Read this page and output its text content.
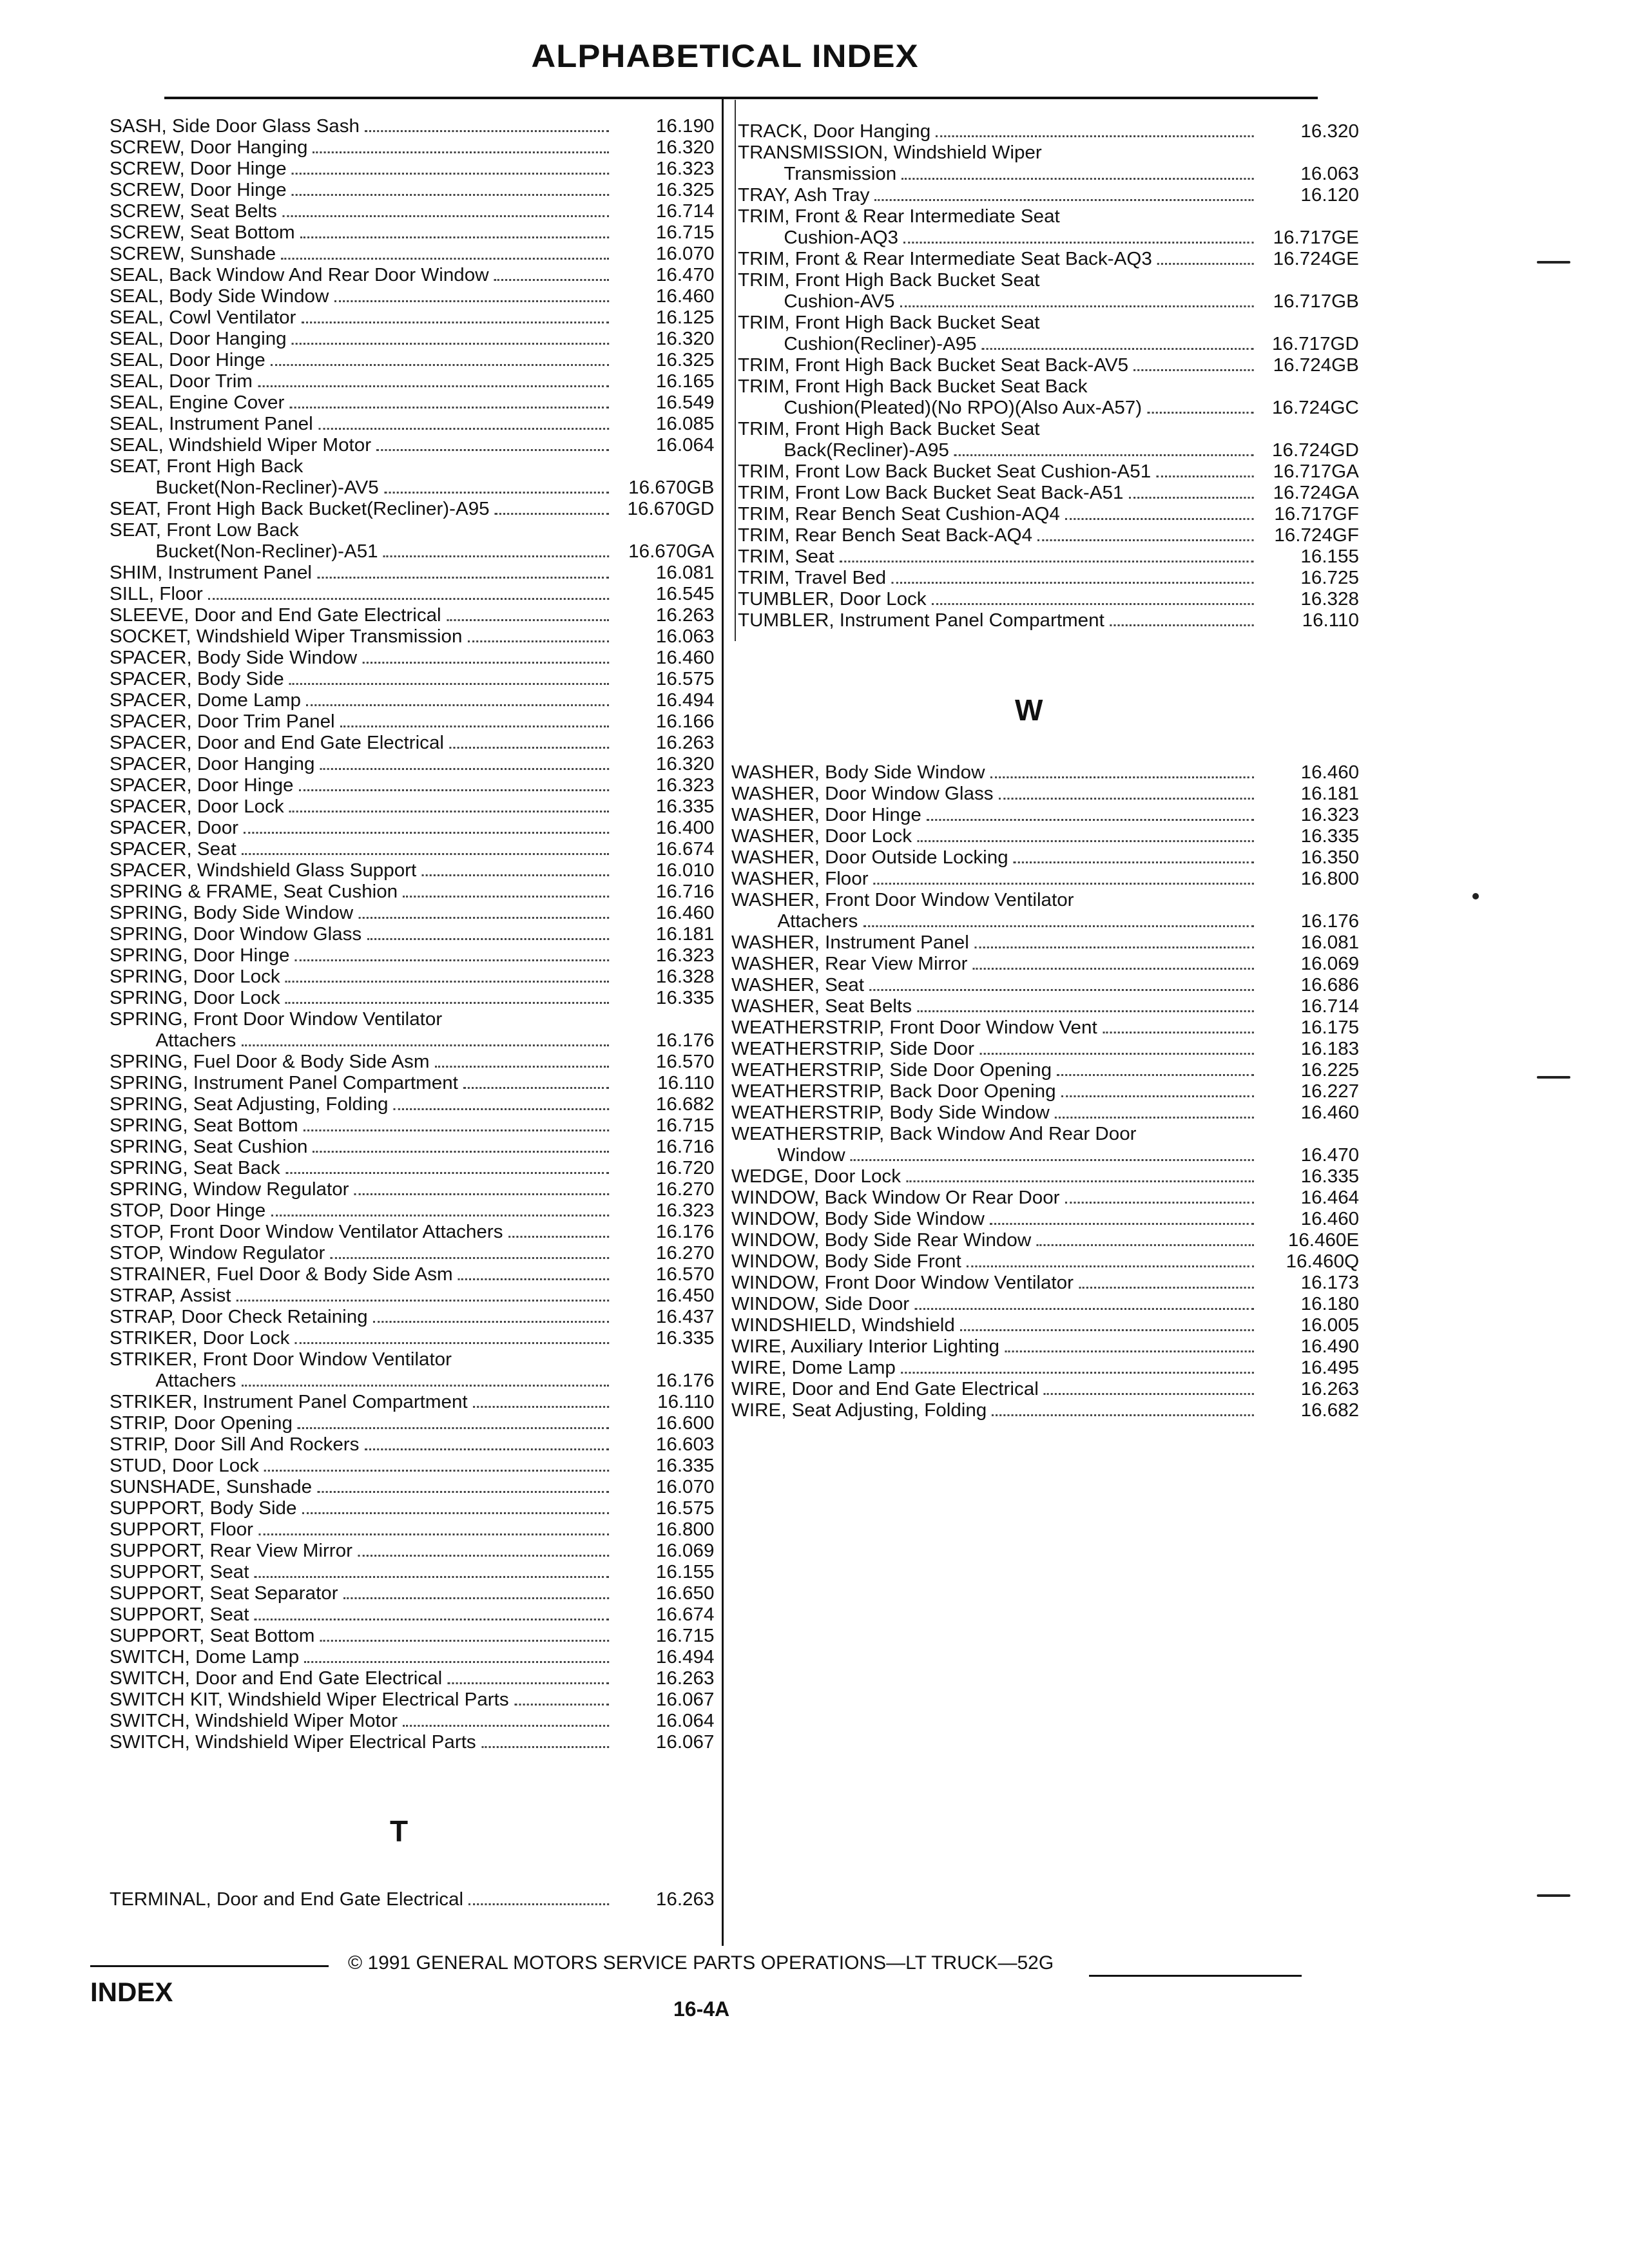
ALPHABETICAL INDEX
SASH, Side Door Glass Sash	16.190
SCREW, Door Hanging	16.320
SCREW, Door Hinge	16.323
SCREW, Door Hinge	16.325
SCREW, Seat Belts	16.714
SCREW, Seat Bottom	16.715
SCREW, Sunshade	16.070
SEAL, Back Window And Rear Door Window	16.470
SEAL, Body Side Window	16.460
SEAL, Cowl Ventilator	16.125
SEAL, Door Hanging	16.320
SEAL, Door Hinge	16.325
SEAL, Door Trim	16.165
SEAL, Engine Cover	16.549
SEAL, Instrument Panel	16.085
SEAL, Windshield Wiper Motor	16.064
SEAT, Front High Back
Bucket(Non-Recliner)-AV5	16.670GB
SEAT, Front High Back Bucket(Recliner)-A95	16.670GD
SEAT, Front Low Back
Bucket(Non-Recliner)-A51	16.670GA
SHIM, Instrument Panel	16.081
SILL, Floor	16.545
SLEEVE, Door and End Gate Electrical	16.263
SOCKET, Windshield Wiper Transmission	16.063
SPACER, Body Side Window	16.460
SPACER, Body Side	16.575
SPACER, Dome Lamp	16.494
SPACER, Door Trim Panel	16.166
SPACER, Door and End Gate Electrical	16.263
SPACER, Door Hanging	16.320
SPACER, Door Hinge	16.323
SPACER, Door Lock	16.335
SPACER, Door	16.400
SPACER, Seat	16.674
SPACER, Windshield Glass Support	16.010
SPRING & FRAME, Seat Cushion	16.716
SPRING, Body Side Window	16.460
SPRING, Door Window Glass	16.181
SPRING, Door Hinge	16.323
SPRING, Door Lock	16.328
SPRING, Door Lock	16.335
SPRING, Front Door Window Ventilator
Attachers	16.176
SPRING, Fuel Door & Body Side Asm	16.570
SPRING, Instrument Panel Compartment	16.110
SPRING, Seat Adjusting, Folding	16.682
SPRING, Seat Bottom	16.715
SPRING, Seat Cushion	16.716
SPRING, Seat Back	16.720
SPRING, Window Regulator	16.270
STOP, Door Hinge	16.323
STOP, Front Door Window Ventilator Attachers	16.176
STOP, Window Regulator	16.270
STRAINER, Fuel Door & Body Side Asm	16.570
STRAP, Assist	16.450
STRAP, Door Check Retaining	16.437
STRIKER, Door Lock	16.335
STRIKER, Front Door Window Ventilator
Attachers	16.176
STRIKER, Instrument Panel Compartment	16.110
STRIP, Door Opening	16.600
STRIP, Door Sill And Rockers	16.603
STUD, Door Lock	16.335
SUNSHADE, Sunshade	16.070
SUPPORT, Body Side	16.575
SUPPORT, Floor	16.800
SUPPORT, Rear View Mirror	16.069
SUPPORT, Seat	16.155
SUPPORT, Seat Separator	16.650
SUPPORT, Seat	16.674
SUPPORT, Seat Bottom	16.715
SWITCH, Dome Lamp	16.494
SWITCH, Door and End Gate Electrical	16.263
SWITCH KIT, Windshield Wiper Electrical Parts	16.067
SWITCH, Windshield Wiper Motor	16.064
SWITCH, Windshield Wiper Electrical Parts	16.067
T
TERMINAL, Door and End Gate Electrical	16.263
TRACK, Door Hanging	16.320
TRANSMISSION, Windshield Wiper
Transmission	16.063
TRAY, Ash Tray	16.120
TRIM, Front & Rear Intermediate Seat
Cushion-AQ3	16.717GE
TRIM, Front & Rear Intermediate Seat Back-AQ3	16.724GE
TRIM, Front High Back Bucket Seat
Cushion-AV5	16.717GB
TRIM, Front High Back Bucket Seat
Cushion(Recliner)-A95	16.717GD
TRIM, Front High Back Bucket Seat Back-AV5	16.724GB
TRIM, Front High Back Bucket Seat Back
Cushion(Pleated)(No RPO)(Also Aux-A57)	16.724GC
TRIM, Front High Back Bucket Seat
Back(Recliner)-A95	16.724GD
TRIM, Front Low Back Bucket Seat Cushion-A51	16.717GA
TRIM, Front Low Back Bucket Seat Back-A51	16.724GA
TRIM, Rear Bench Seat Cushion-AQ4	16.717GF
TRIM, Rear Bench Seat Back-AQ4	16.724GF
TRIM, Seat	16.155
TRIM, Travel Bed	16.725
TUMBLER, Door Lock	16.328
TUMBLER, Instrument Panel Compartment	16.110
W
WASHER, Body Side Window	16.460
WASHER, Door Window Glass	16.181
WASHER, Door Hinge	16.323
WASHER, Door Lock	16.335
WASHER, Door Outside Locking	16.350
WASHER, Floor	16.800
WASHER, Front Door Window Ventilator
Attachers	16.176
WASHER, Instrument Panel	16.081
WASHER, Rear View Mirror	16.069
WASHER, Seat	16.686
WASHER, Seat Belts	16.714
WEATHERSTRIP, Front Door Window Vent	16.175
WEATHERSTRIP, Side Door	16.183
WEATHERSTRIP, Side Door Opening	16.225
WEATHERSTRIP, Back Door Opening	16.227
WEATHERSTRIP, Body Side Window	16.460
WEATHERSTRIP, Back Window And Rear Door
Window	16.470
WEDGE, Door Lock	16.335
WINDOW, Back Window Or Rear Door	16.464
WINDOW, Body Side Window	16.460
WINDOW, Body Side Rear Window	16.460E
WINDOW, Body Side Front	16.460Q
WINDOW, Front Door Window Ventilator	16.173
WINDOW, Side Door	16.180
WINDSHIELD, Windshield	16.005
WIRE, Auxiliary Interior Lighting	16.490
WIRE, Dome Lamp	16.495
WIRE, Door and End Gate Electrical	16.263
WIRE, Seat Adjusting, Folding	16.682
© 1991 GENERAL MOTORS SERVICE PARTS OPERATIONS—LT TRUCK—52G
INDEX
16-4A
